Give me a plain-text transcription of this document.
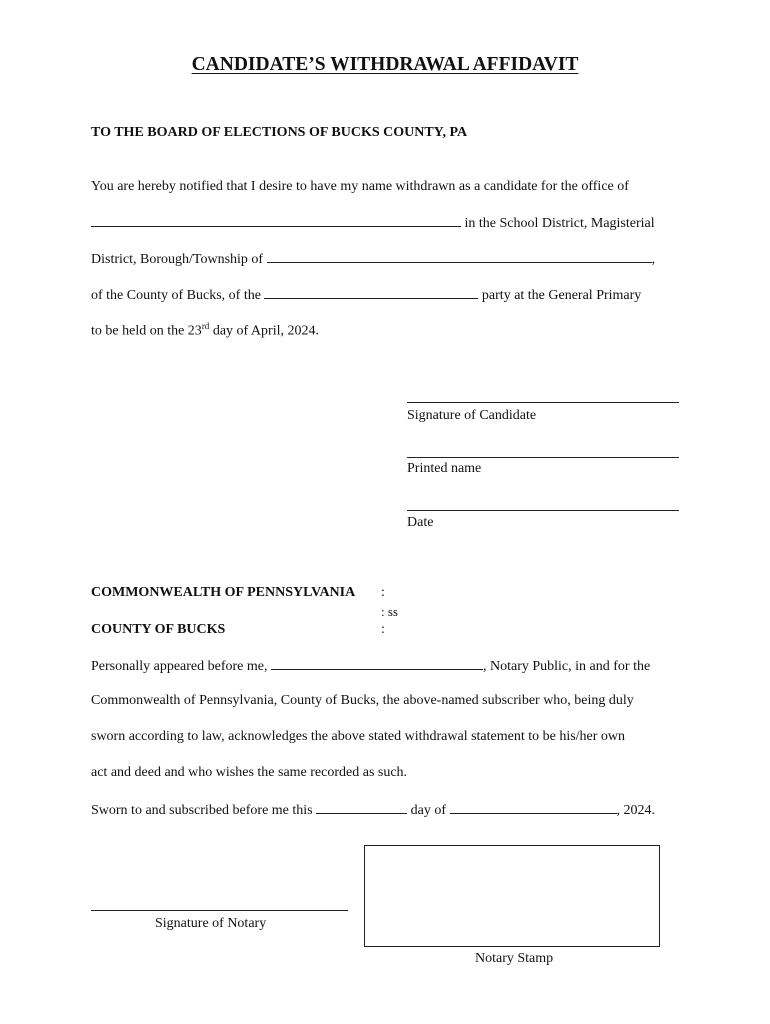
CANDIDATE’S WITHDRAWAL AFFIDAVIT
TO THE BOARD OF ELECTIONS OF BUCKS COUNTY, PA
You are hereby notified that I desire to have my name withdrawn as a candidate for the office of
in the School District, Magisterial
District, Borough/Township of	,
of the County of Bucks, of the	party at the General Primary
to be held on the 23rd day of April, 2024.
Signature of Candidate
Printed name
Date
COMMONWEALTH OF PENNSYLVANIA :
: ss
COUNTY OF BUCKS	:
Personally appeared before me,	, Notary Public, in and for the
Commonwealth of Pennsylvania, County of Bucks, the above-named subscriber who, being duly
sworn according to law, acknowledges the above stated withdrawal statement to be his/her own
act and deed and who wishes the same recorded as such.
Sworn to and subscribed before me this	day of	, 2024.
Signature of Notary
Notary Stamp
